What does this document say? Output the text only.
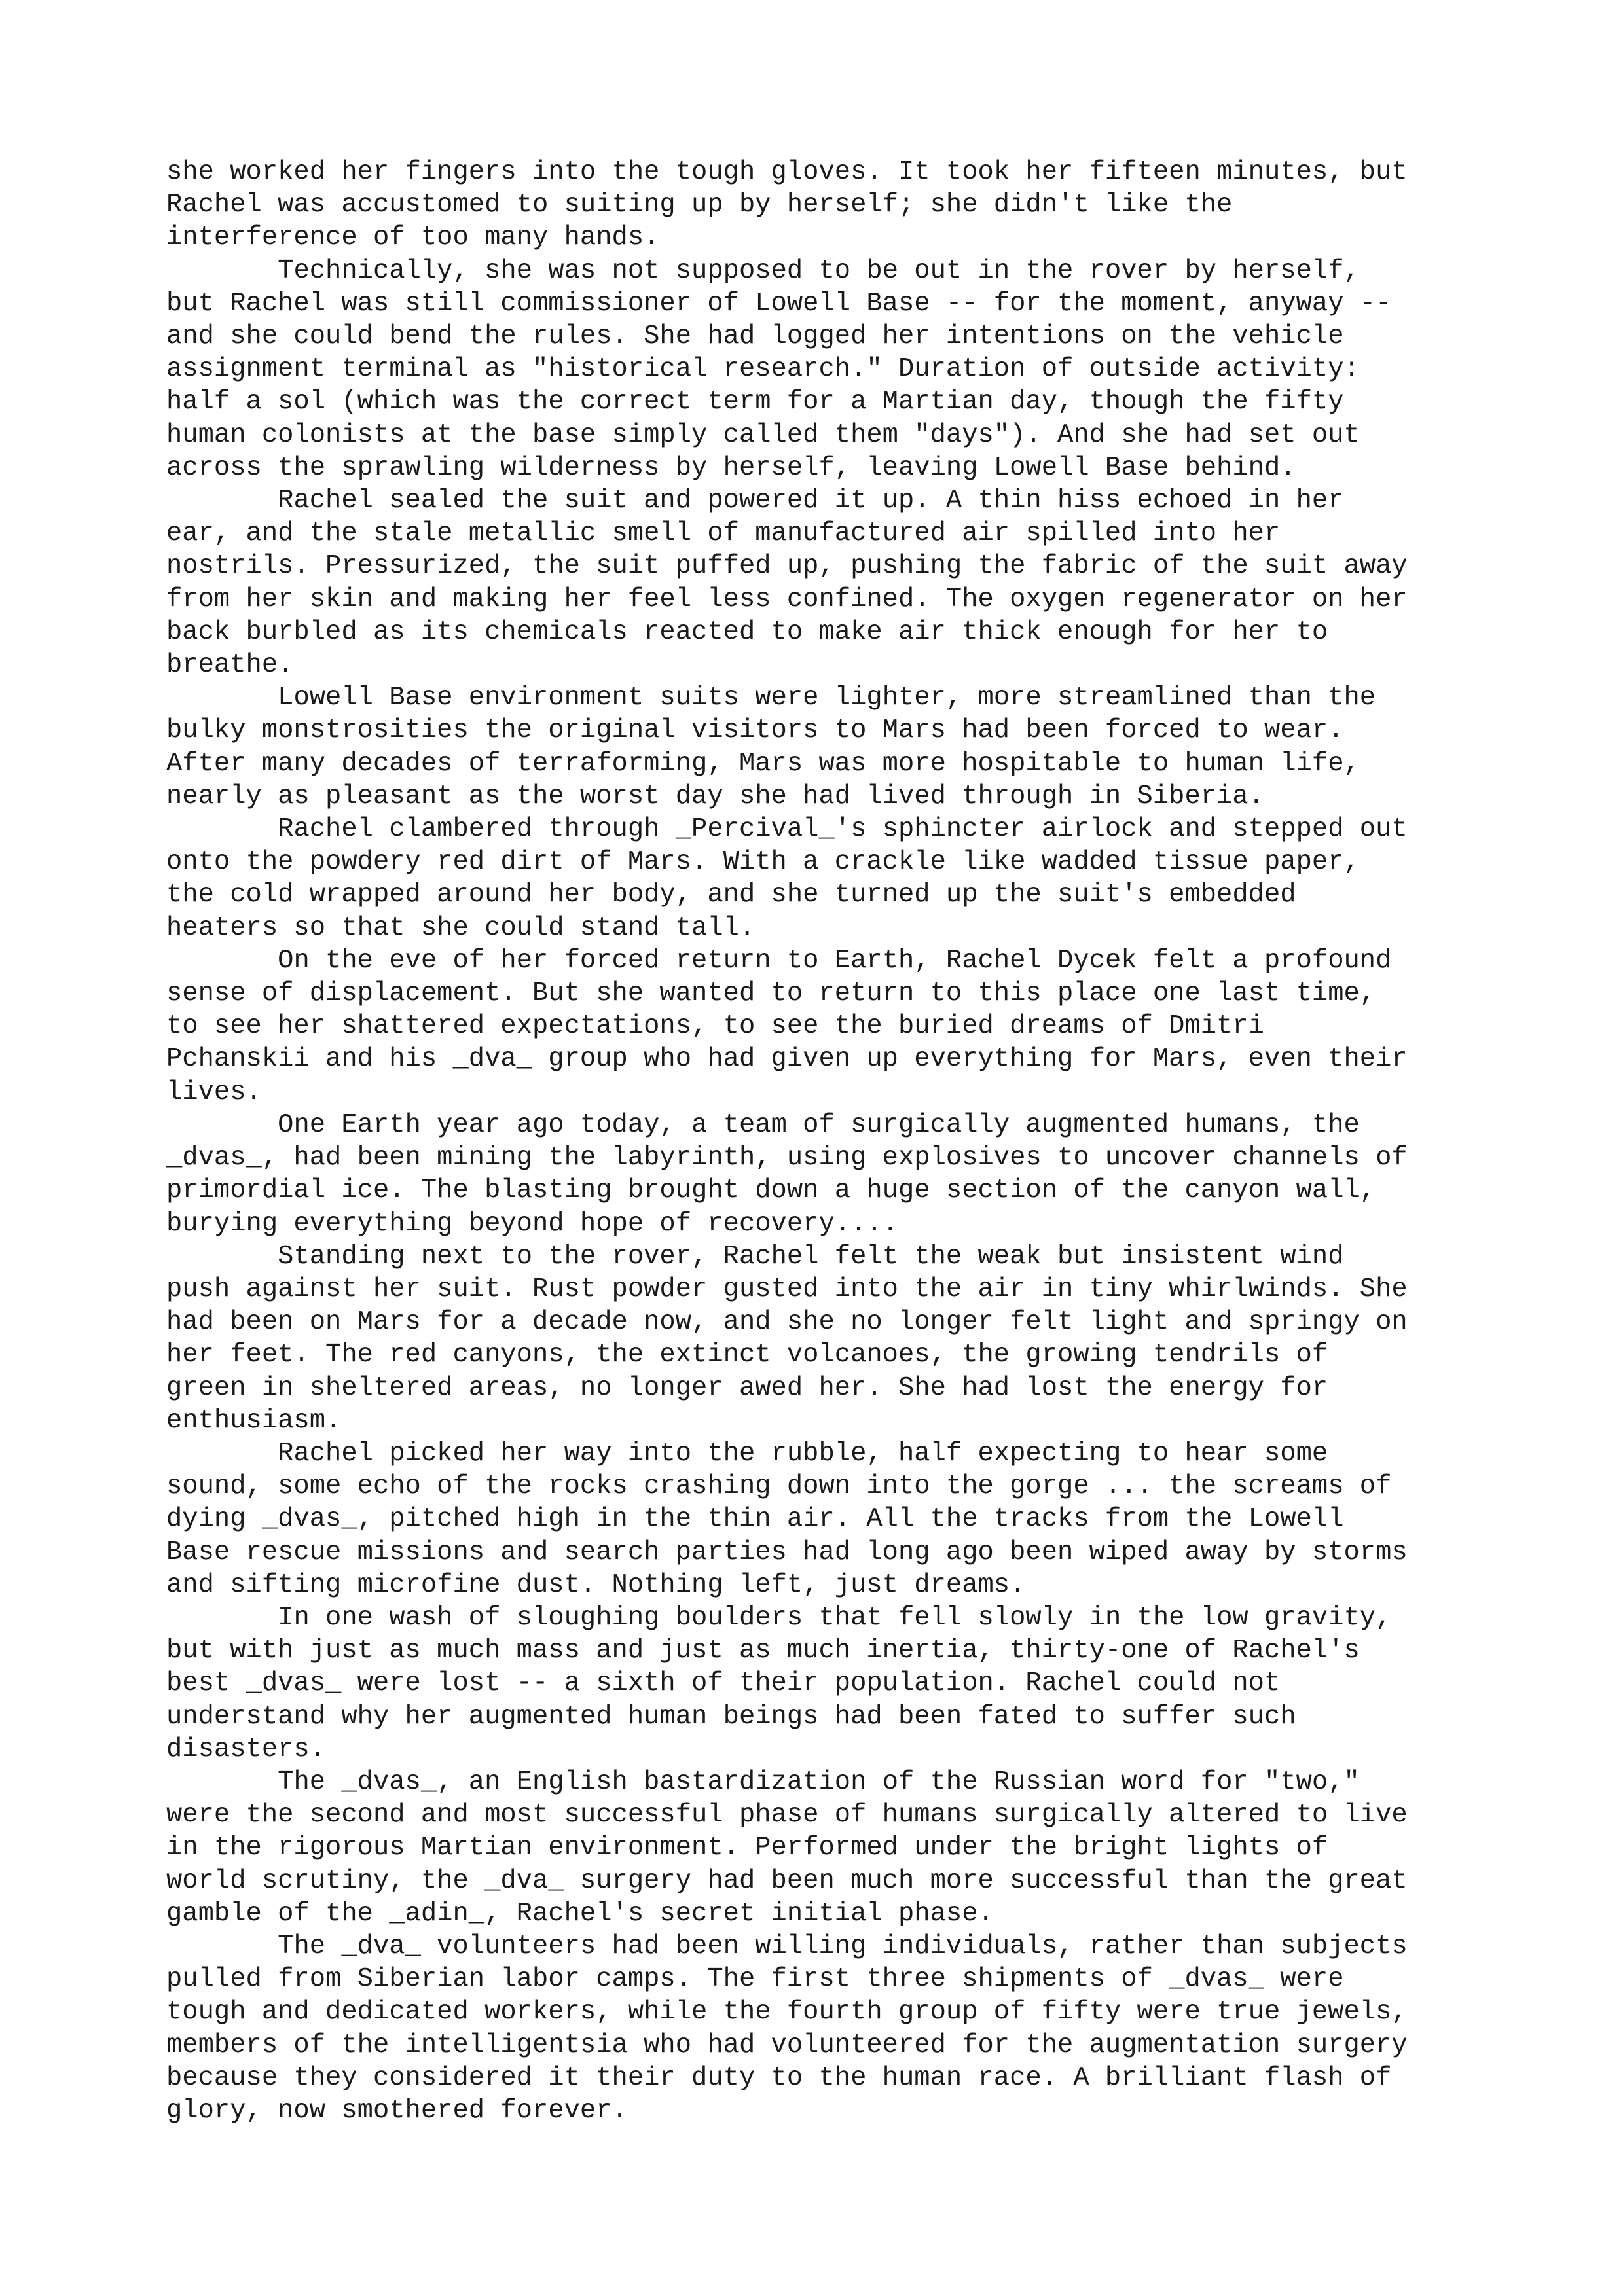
she worked her fingers into the tough gloves. It took her fifteen minutes, but
Rachel was accustomed to suiting up by herself; she didn't like the
interference of too many hands.

Technically, she was not supposed to be out in the rover by herself,
but Rachel was still commissioner of Lowell Base -- for the moment, anyway --
and she could bend the rules. She had logged her intentions on the vehicle
assignment terminal as "historical research." Duration of outside activity:
half a sol (which was the correct term for a Martian day, though the fifty
human colonists at the base simply called them "days"). And she had set out
across the sprawling wilderness by herself, leaving Lowell Base behind.

Rachel sealed the suit and powered it up. A thin hiss echoed in her
ear, and the stale metallic smell of manufactured air spilled into her
nostrils. Pressurized, the suit puffed up, pushing the fabric of the suit away
from her skin and making her feel less confined. The oxygen regenerator on her
back burbled as its chemicals reacted to make air thick enough for her to
breathe.

Lowell Base environment suits were lighter, more streamlined than the
bulky monstrosities the original visitors to Mars had been forced to wear.
After many decades of terraforming, Mars was more hospitable to human life,
nearly as pleasant as the worst day she had lived through in Siberia.

Rachel clambered through _Percival_'s sphincter airlock and stepped out
onto the powdery red dirt of Mars. With a crackle like wadded tissue paper,
the cold wrapped around her body, and she turned up the suit's embedded
heaters so that she could stand tall.

On the eve of her forced return to Earth, Rachel Dycek felt a profound
sense of displacement. But she wanted to return to this place one last time,
to see her shattered expectations, to see the buried dreams of Dmitri
Pchanskii and his _dva_ group who had given up everything for Mars, even their
lives.

One Earth year ago today, a team of surgically augmented humans, the
_dvas_, had been mining the labyrinth, using explosives to uncover channels of
primordial ice. The blasting brought down a huge section of the canyon wall,
burying everything beyond hope of recovery....

Standing next to the rover, Rachel felt the weak but insistent wind
push against her suit. Rust powder gusted into the air in tiny whirlwinds. She
had been on Mars for a decade now, and she no longer felt light and springy on
her feet. The red canyons, the extinct volcanoes, the growing tendrils of
green in sheltered areas, no longer awed her. She had lost the energy for
enthusiasm.

Rachel picked her way into the rubble, half expecting to hear some
sound, some echo of the rocks crashing down into the gorge ... the screams of
dying _dvas_, pitched high in the thin air. All the tracks from the Lowell
Base rescue missions and search parties had long ago been wiped away by storms
and sifting microfine dust. Nothing left, just dreams.

In one wash of sloughing boulders that fell slowly in the low gravity,
but with just as much mass and just as much inertia, thirty-one of Rachel's
best _dvas_ were lost -- a sixth of their population. Rachel could not
understand why her augmented human beings had been fated to suffer such
disasters.

The _dvas_, an English bastardization of the Russian word for "two,"
were the second and most successful phase of humans surgically altered to live
in the rigorous Martian environment. Performed under the bright lights of
world scrutiny, the _dva_ surgery had been much more successful than the great
gamble of the _adin_, Rachel's secret initial phase.

The _dva_ volunteers had been willing individuals, rather than subjects
pulled from Siberian labor camps. The first three shipments of _dvas_ were
tough and dedicated workers, while the fourth group of fifty were true jewels,
members of the intelligentsia who had volunteered for the augmentation surgery
because they considered it their duty to the human race. A brilliant flash of
glory, now smothered forever.
